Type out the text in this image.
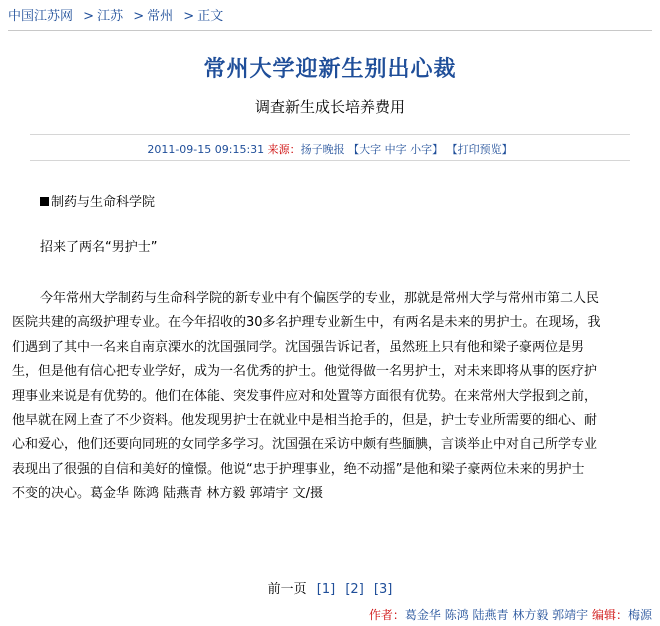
中国江苏网 > 江苏 > 常州 > 正文
常州大学迎新生别出心裁
调查新生成长培养费用
2011-09-15 09:15:31 来源：扬子晚报 【大字 中字 小字】 【打印预览】
制药与生命科学院
招来了两名“男护士”
今年常州大学制药与生命科学院的新专业中有个偏医学的专业，那就是常州大学与常州市第二人民
医院共建的高级护理专业。在今年招收的30多名护理专业新生中，有两名是未来的男护士。在现场，我
们遇到了其中一名来自南京溧水的沈国强同学。沈国强告诉记者，虽然班上只有他和梁子豪两位是男
生，但是他有信心把专业学好，成为一名优秀的护士。他觉得做一名男护士，对未来即将从事的医疗护
理事业来说是有优势的。他们在体能、突发事件应对和处置等方面很有优势。在来常州大学报到之前，
他早就在网上查了不少资料。他发现男护士在就业中是相当抢手的，但是，护士专业所需要的细心、耐
心和爱心，他们还要向同班的女同学多学习。沈国强在采访中颇有些腼腆，言谈举止中对自己所学专业
表现出了很强的自信和美好的憧憬。他说“忠于护理事业，绝不动摇”是他和梁子豪两位未来的男护士
不变的决心。葛金华 陈鸿 陆燕青 林方毅 郭靖宇 文/摄
前一页 [1] [2] [3]
作者：葛金华 陈鸿 陆燕青 林方毅 郭靖宇 编辑：梅源
